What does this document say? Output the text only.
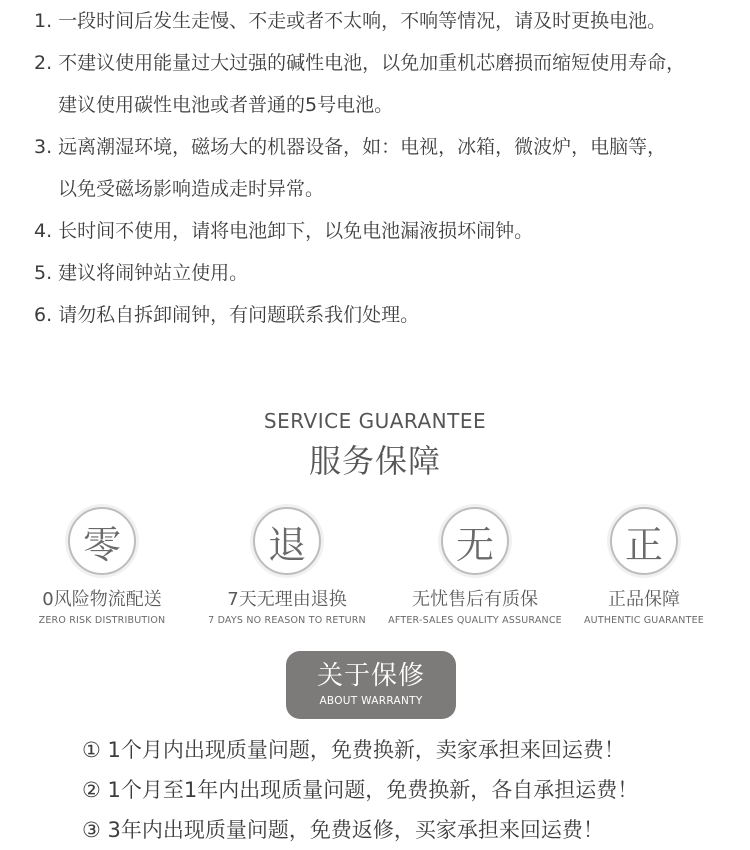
1. 一段时间后发生走慢、不走或者不太响，不响等情况，请及时更换电池。
2. 不建议使用能量过大过强的碱性电池，以免加重机芯磨损而缩短使用寿命，
建议使用碳性电池或者普通的5号电池。
3. 远离潮湿环境，磁场大的机器设备，如：电视，冰箱，微波炉，电脑等，
以免受磁场影响造成走时异常。
4. 长时间不使用，请将电池卸下，以免电池漏液损坏闹钟。
5. 建议将闹钟站立使用。
6. 请勿私自拆卸闹钟，有问题联系我们处理。
SERVICE GUARANTEE
服务保障
零
0风险物流配送
ZERO RISK DISTRIBUTION
退
7天无理由退换
7 DAYS NO REASON TO RETURN
无
无忧售后有质保
AFTER-SALES QUALITY ASSURANCE
正
正品保障
AUTHENTIC GUARANTEE
关于保修
ABOUT WARRANTY
① 1个月内出现质量问题，免费换新，卖家承担来回运费！
② 1个月至1年内出现质量问题，免费换新，各自承担运费！
③ 3年内出现质量问题，免费返修，买家承担来回运费！
